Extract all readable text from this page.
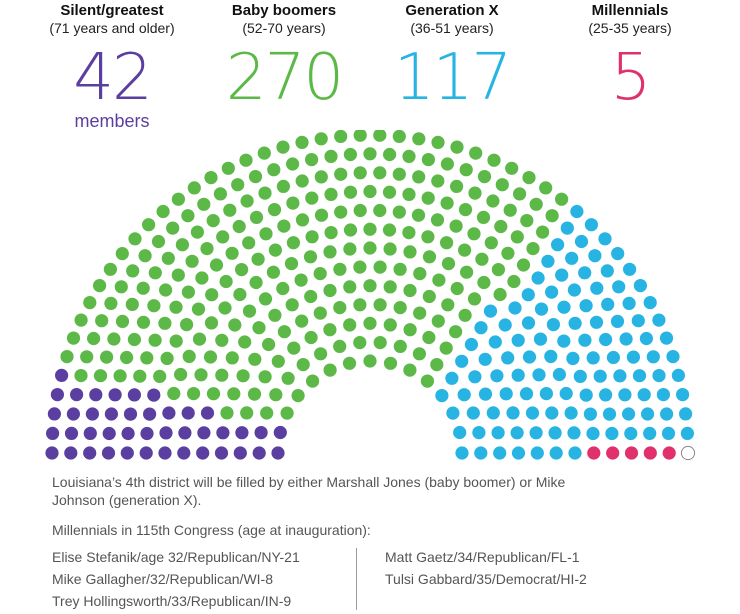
Silent/greatest
(71 years and older)
42
members
Baby boomers
(52-70 years)
270
Generation X
(36-51 years)
117
Millennials
(25-35 years)
5
Louisiana’s 4th district will be filled by either Marshall Jones (baby boomer) or Mike Johnson (generation X).
Millennials in 115th Congress (age at inauguration):
Elise Stefanik/age 32/Republican/NY-21
Mike Gallagher/32/Republican/WI-8
Trey Hollingsworth/33/Republican/IN-9
Matt Gaetz/34/Republican/FL-1
Tulsi Gabbard/35/Democrat/HI-2
